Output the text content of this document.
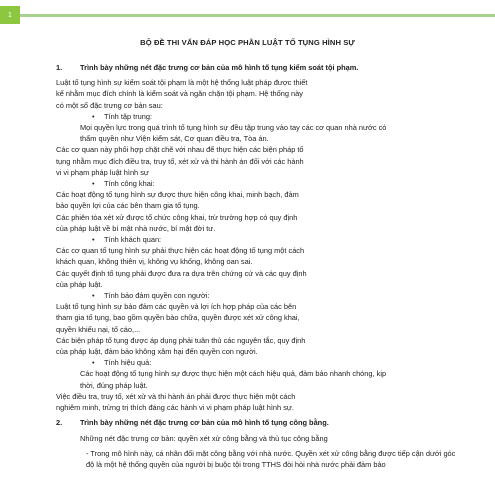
1
BỘ ĐỀ THI VẤN ĐÁP HỌC PHẦN LUẬT TỐ TỤNG HÌNH SỰ

1. Trình bày những nét đặc trưng cơ bản của mô hình tố tụng kiểm soát tội phạm.

Luật tố tụng hình sự kiểm soát tội phạm là một hệ thống luật pháp được thiết

kế nhằm mục đích chính là kiểm soát và ngăn chặn tội phạm. Hệ thống này

có một số đặc trưng cơ bản sau:

• Tính tập trung:

Mọi quyền lực trong quá trình tố tụng hình sự đều tập trung vào tay các cơ quan nhà nước có

thẩm quyền như Viện kiểm sát, Cơ quan điều tra, Tòa án.

Các cơ quan này phối hợp chặt chẽ với nhau để thực hiện các biện pháp tố

tụng nhằm mục đích điều tra, truy tố, xét xử và thi hành án đối với các hành

vi vi phạm pháp luật hình sự

• Tính công khai:

Các hoạt động tố tụng hình sự được thực hiện công khai, minh bạch, đảm

bảo quyền lợi của các bên tham gia tố tụng.

Các phiên tòa xét xử được tổ chức công khai, trừ trường hợp có quy định

của pháp luật về bí mật nhà nước, bí mật đời tư.

• Tính khách quan:

Các cơ quan tố tụng hình sự phải thực hiện các hoạt động tố tụng một cách

khách quan, không thiên vị, không vụ khống, không oan sai.

Các quyết định tố tụng phải được đưa ra dựa trên chứng cứ và các quy định

của pháp luật.

• Tính bảo đảm quyền con người:

Luật tố tụng hình sự bảo đảm các quyền và lợi ích hợp pháp của các bên

tham gia tố tụng, bao gồm quyền bào chữa, quyền được xét xử công khai,

quyền khiếu nại, tố cáo,...

Các biện pháp tố tụng được áp dụng phải tuân thủ các nguyên tắc, quy định

của pháp luật, đảm bảo không xâm hại đến quyền con người.

• Tính hiệu quả:

Các hoạt động tố tụng hình sự được thực hiện một cách hiệu quả, đảm bảo nhanh chóng, kịp

thời, đúng pháp luật.

Việc điều tra, truy tố, xét xử và thi hành án phải được thực hiện một cách

nghiêm minh, trừng trị thích đáng các hành vi vi phạm pháp luật hình sự.

2. Trình bày những nét đặc trưng cơ bản của mô hình tố tụng công bằng.

Những nét đặc trưng cơ bản: quyền xét xử công bằng và thủ tục công bằng

- Trong mô hình này, cá nhân đối mặt công bằng với nhà nước. Quyền xét xử công bằng được tiếp cận dưới góc độ là một hệ thống quyền của người bị buộc tội trong TTHS đòi hỏi nhà nước phải đảm bảo
